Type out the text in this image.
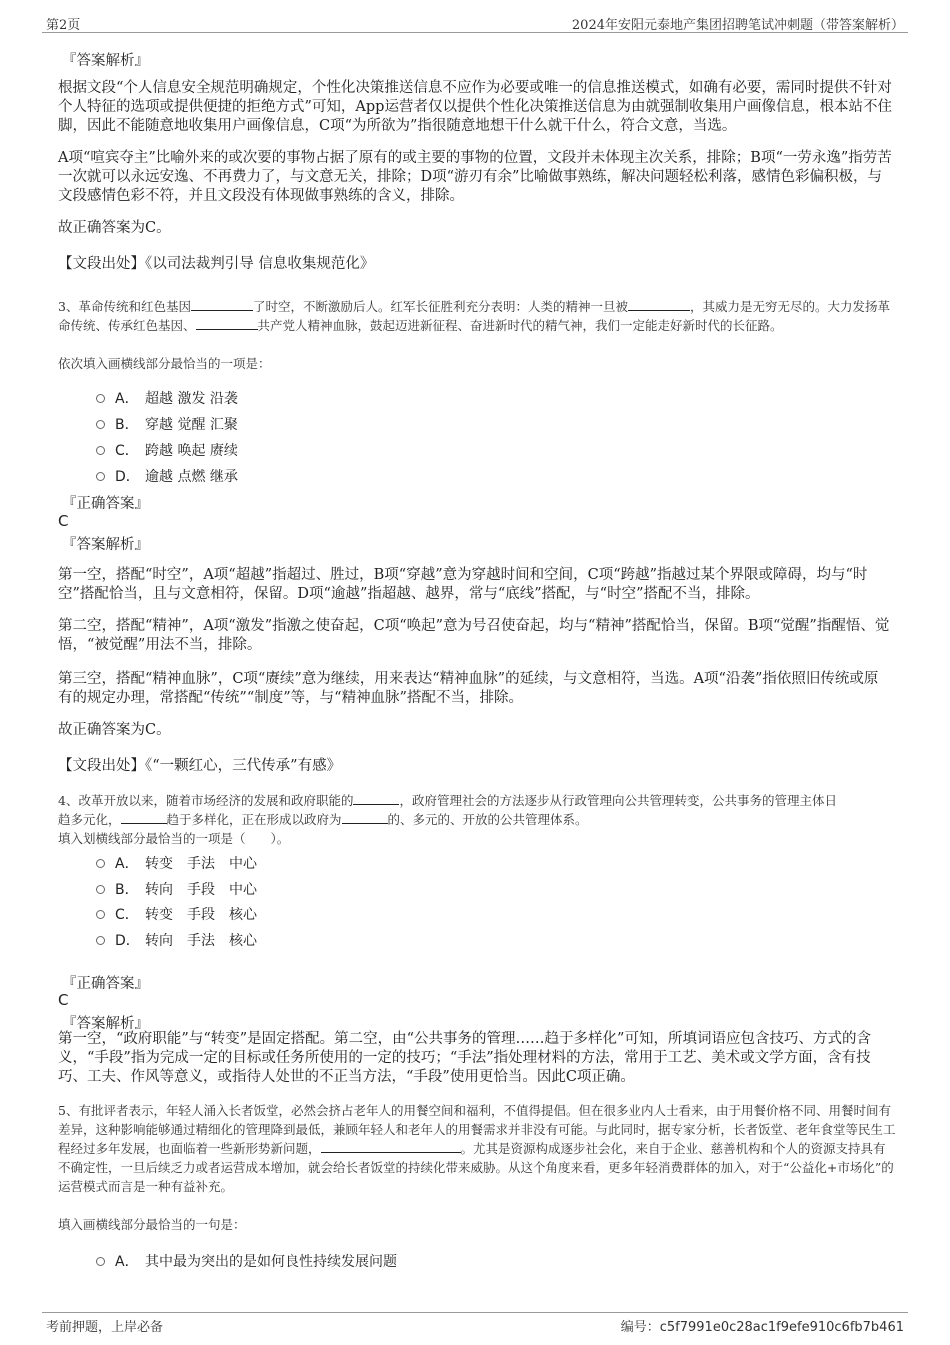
第2页	2024年安阳元泰地产集团招聘笔试冲刺题（带答案解析）
『答案解析』
根据文段“个人信息安全规范明确规定，个性化决策推送信息不应作为必要或唯一的信息推送模式，如确有必要，需同时提供不针对个人特征的选项或提供便捷的拒绝方式”可知，App运营者仅以提供个性化决策推送信息为由就强制收集用户画像信息，根本站不住脚，因此不能随意地收集用户画像信息，C项“为所欲为”指很随意地想干什么就干什么，符合文意，当选。
A项“喧宾夺主”比喻外来的或次要的事物占据了原有的或主要的事物的位置，文段并未体现主次关系，排除；B项“一劳永逸”指劳苦一次就可以永远安逸、不再费力了，与文意无关，排除；D项“游刃有余”比喻做事熟练，解决问题轻松利落，感情色彩偏积极，与文段感情色彩不符，并且文段没有体现做事熟练的含义，排除。
故正确答案为C。
【文段出处】《以司法裁判引导 信息收集规范化》
3、革命传统和红色基因	了时空，不断激励后人。红军长征胜利充分表明：人类的精神一旦被	，其威力是无穷无尽的。大力发扬革命传统、传承红色基因、	共产党人精神血脉，鼓起迈进新征程、奋进新时代的精气神，我们一定能走好新时代的长征路。
依次填入画横线部分最恰当的一项是：
A． 超越 激发 沿袭
B． 穿越 觉醒 汇聚
C． 跨越 唤起 赓续
D． 逾越 点燃 继承
『正确答案』
C
『答案解析』
第一空，搭配“时空”，A项“超越”指超过、胜过，B项“穿越”意为穿越时间和空间，C项“跨越”指越过某个界限或障碍，均与“时空”搭配恰当，且与文意相符，保留。D项“逾越”指超越、越界，常与“底线”搭配，与“时空”搭配不当，排除。
第二空，搭配“精神”，A项“激发”指激之使奋起，C项“唤起”意为号召使奋起，均与“精神”搭配恰当，保留。B项“觉醒”指醒悟、觉悟，“被觉醒”用法不当，排除。
第三空，搭配“精神血脉”，C项“赓续”意为继续，用来表达“精神血脉”的延续，与文意相符，当选。A项“沿袭”指依照旧传统或原有的规定办理，常搭配“传统”“制度”等，与“精神血脉”搭配不当，排除。
故正确答案为C。
【文段出处】《“一颗红心，三代传承”有感》
4、改革开放以来，随着市场经济的发展和政府职能的	，政府管理社会的方法逐步从行政管理向公共管理转变，公共事务的管理主体日
趋多元化，	趋于多样化，正在形成以政府为	的、多元的、开放的公共管理体系。
填入划横线部分最恰当的一项是（　　）。
A． 转变　手法　中心
B． 转向　手段　中心
C． 转变　手段　核心
D． 转向　手法　核心
『正确答案』
C
『答案解析』
第一空，“政府职能”与“转变”是固定搭配。第二空，由“公共事务的管理……趋于多样化”可知，所填词语应包含技巧、方式的含义，“手段”指为完成一定的目标或任务所使用的一定的技巧；“手法”指处理材料的方法，常用于工艺、美术或文学方面，含有技巧、工夫、作风等意义，或指待人处世的不正当方法，“手段”使用更恰当。因此C项正确。
5、有批评者表示，年轻人涌入长者饭堂，必然会挤占老年人的用餐空间和福利，不值得提倡。但在很多业内人士看来，由于用餐价格不同、用餐时间有差异，这种影响能够通过精细化的管理降到最低，兼顾年轻人和老年人的用餐需求并非没有可能。与此同时，据专家分析，长者饭堂、老年食堂等民生工程经过多年发展，也面临着一些新形势新问题，	。尤其是资源构成逐步社会化，来自于企业、慈善机构和个人的资源支持具有不确定性，一旦后续乏力或者运营成本增加，就会给长者饭堂的持续化带来威胁。从这个角度来看，更多年轻消费群体的加入，对于“公益化+市场化”的运营模式而言是一种有益补充。
填入画横线部分最恰当的一句是：
A． 其中最为突出的是如何良性持续发展问题
考前押题，上岸必备	编号：c5f7991e0c28ac1f9efe910c6fb7b461
